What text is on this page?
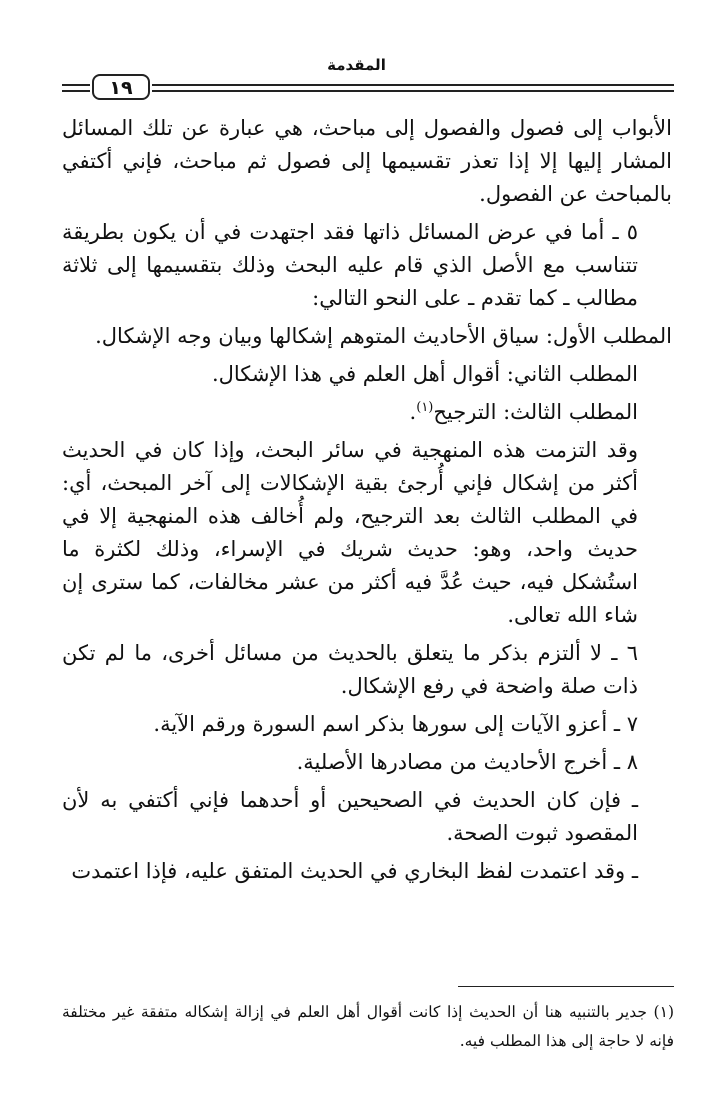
المقدمة
١٩

الأبواب إلى فصول والفصول إلى مباحث، هي عبارة عن تلك المسائل المشار إليها إلا إذا تعذر تقسيمها إلى فصول ثم مباحث، فإني أكتفي بالمباحث عن الفصول.

٥ ـ أما في عرض المسائل ذاتها فقد اجتهدت في أن يكون بطريقة تتناسب مع الأصل الذي قام عليه البحث وذلك بتقسيمها إلى ثلاثة مطالب ـ كما تقدم ـ على النحو التالي:

المطلب الأول: سياق الأحاديث المتوهم إشكالها وبيان وجه الإشكال.

المطلب الثاني: أقوال أهل العلم في هذا الإشكال.

المطلب الثالث: الترجيح$^{(١)}$.

وقد التزمت هذه المنهجية في سائر البحث، وإذا كان في الحديث أكثر من إشكال فإني أُرجئ بقية الإشكالات إلى آخر المبحث، أي: في المطلب الثالث بعد الترجيح، ولم أُخالف هذه المنهجية إلا في حديث واحد، وهو: حديث شريك في الإسراء، وذلك لكثرة ما استُشكل فيه، حيث عُدَّ فيه أكثر من عشر مخالفات، كما سترى إن شاء الله تعالى.

٦ ـ لا ألتزم بذكر ما يتعلق بالحديث من مسائل أخرى، ما لم تكن ذات صلة واضحة في رفع الإشكال.

٧ ـ أعزو الآيات إلى سورها بذكر اسم السورة ورقم الآية.

٨ ـ أخرج الأحاديث من مصادرها الأصلية.

ـ فإن كان الحديث في الصحيحين أو أحدهما فإني أكتفي به لأن المقصود ثبوت الصحة.

ـ وقد اعتمدت لفظ البخاري في الحديث المتفق عليه، فإذا اعتمدت

(١) جدير بالتنبيه هنا أن الحديث إذا كانت أقوال أهل العلم في إزالة إشكاله متفقة غير مختلفة فإنه لا حاجة إلى هذا المطلب فيه.
